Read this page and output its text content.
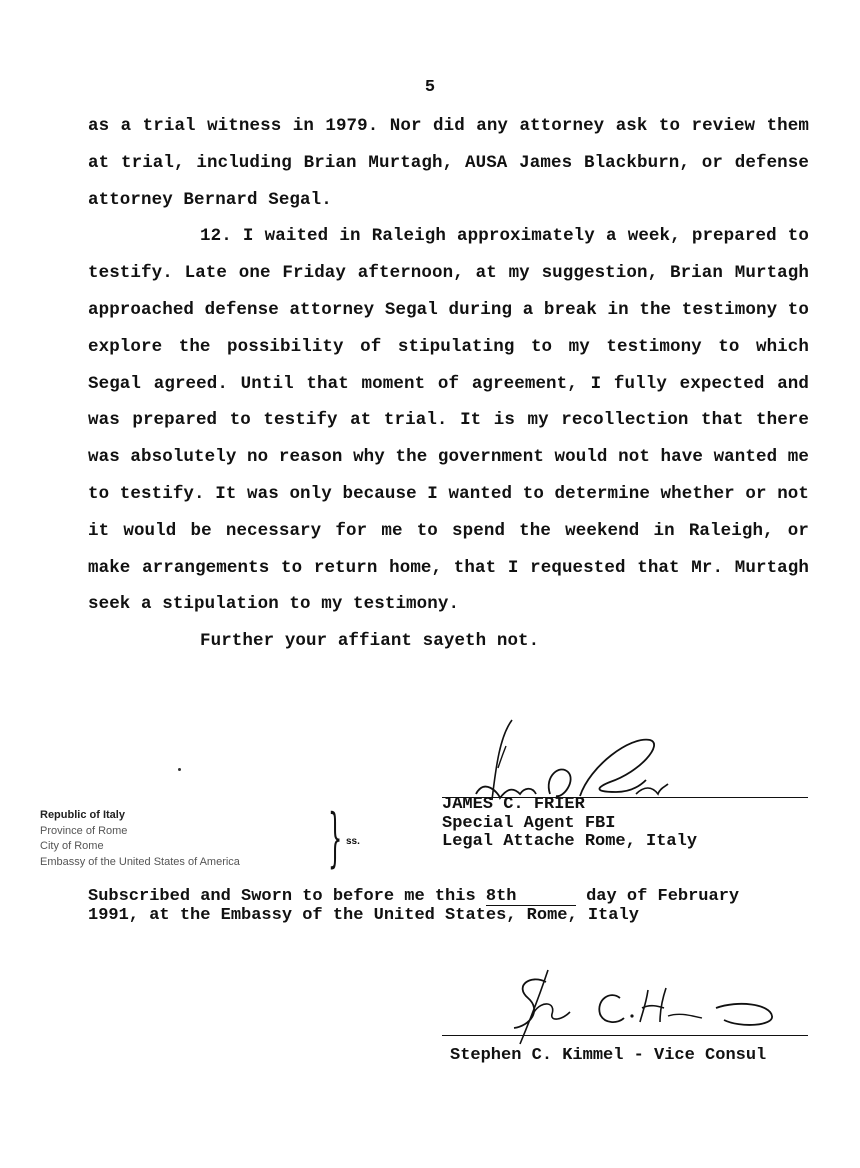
5

as a trial witness in 1979. Nor did any attorney ask to review them at trial, including Brian Murtagh, AUSA James Blackburn, or defense attorney Bernard Segal.

12. I waited in Raleigh approximately a week, prepared to testify. Late one Friday afternoon, at my suggestion, Brian Murtagh approached defense attorney Segal during a break in the testimony to explore the possibility of stipulating to my testimony to which Segal agreed. Until that moment of agreement, I fully expected and was prepared to testify at trial. It is my recollection that there was absolutely no reason why the government would not have wanted me to testify. It was only because I wanted to determine whether or not it would be necessary for me to spend the weekend in Raleigh, or make arrangements to return home, that I requested that Mr. Murtagh seek a stipulation to my testimony.

Further your affiant sayeth not.

JAMES C. FRIER
Special Agent FBI
Legal Attache Rome, Italy
Republic of Italy
Province of Rome
City of Rome
Embassy of the United States of America } ss.
Subscribed and Sworn to before me this 8th	day of February
1991, at the Embassy of the United States, Rome, Italy
Stephen C. Kimmel - Vice Consul
